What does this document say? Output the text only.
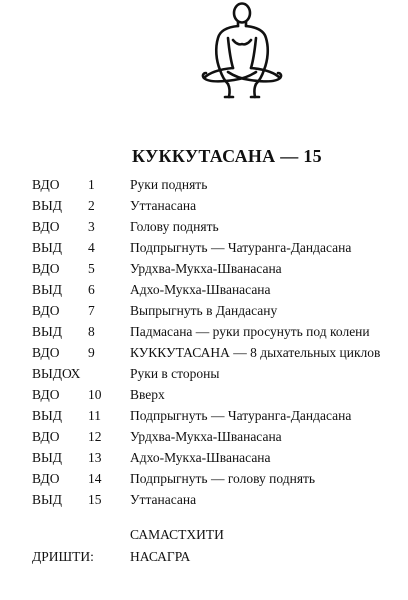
КУККУТАСАНА — 15
ВДО 1	Руки поднять
ВЫД 2	Уттанасана
ВДО 3	Голову поднять
ВЫД 4	Подпрыгнуть — Чатуранга-Дандасана
ВДО 5	Урдхва-Мукха-Шванасана
ВЫД 6	Адхо-Мукха-Шванасана
ВДО 7	Выпрыгнуть в Дандасану
ВЫД 8	Падмасана — руки просунуть под колени
ВДО 9	КУККУТАСАНА — 8 дыхательных циклов
ВЫДОХ	Руки в стороны
ВДО 10 Вверх
ВЫД 11 Подпрыгнуть — Чатуранга-Дандасана
ВДО 12 Урдхва-Мукха-Шванасана
ВЫД 13 Адхо-Мукха-Шванасана
ВДО 14 Подпрыгнуть — голову поднять
ВЫД 15 Уттанасана
САМАСТХИТИ
ДРИШТИ:	НАСАГРА
